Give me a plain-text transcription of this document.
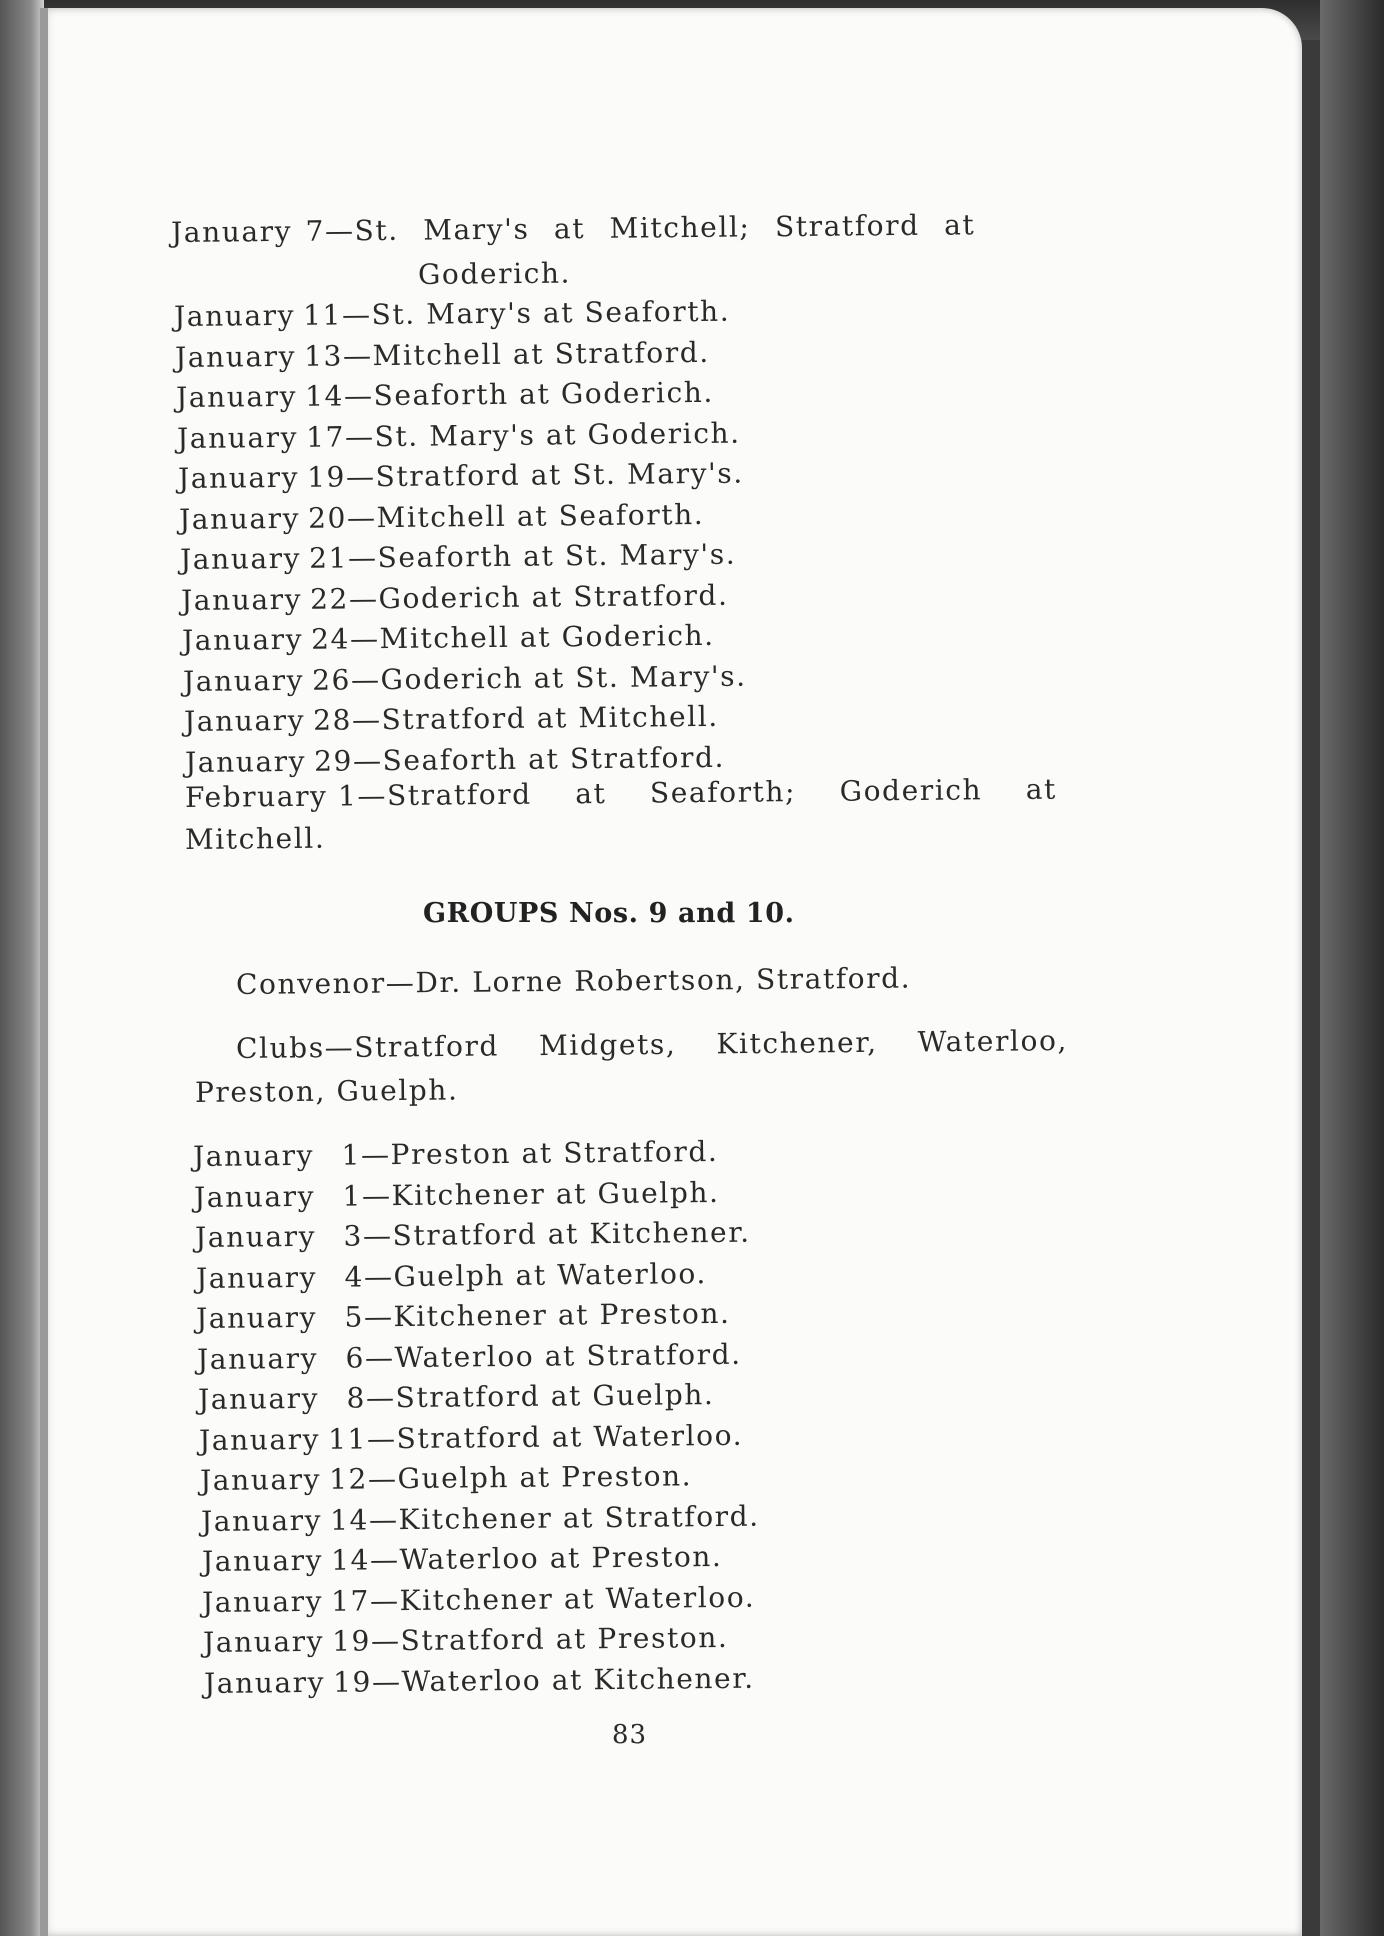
January 7—St. Mary's at Mitchell; Stratford at
Goderich.
January 11—St. Mary's at Seaforth.
January 13—Mitchell at Stratford.
January 14—Seaforth at Goderich.
January 17—St. Mary's at Goderich.
January 19—Stratford at St. Mary's.
January 20—Mitchell at Seaforth.
January 21—Seaforth at St. Mary's.
January 22—Goderich at Stratford.
January 24—Mitchell at Goderich.
January 26—Goderich at St. Mary's.
January 28—Stratford at Mitchell.
January 29—Seaforth at Stratford.
February 1—Stratford at Seaforth; Goderich at
Mitchell.
GROUPS Nos. 9 and 10.
Convenor—Dr. Lorne Robertson, Stratford.
Clubs—Stratford Midgets, Kitchener, Waterloo,
Preston, Guelph.
January 1—Preston at Stratford.
January 1—Kitchener at Guelph.
January 3—Stratford at Kitchener.
January 4—Guelph at Waterloo.
January 5—Kitchener at Preston.
January 6—Waterloo at Stratford.
January 8—Stratford at Guelph.
January 11—Stratford at Waterloo.
January 12—Guelph at Preston.
January 14—Kitchener at Stratford.
January 14—Waterloo at Preston.
January 17—Kitchener at Waterloo.
January 19—Stratford at Preston.
January 19—Waterloo at Kitchener.
83
